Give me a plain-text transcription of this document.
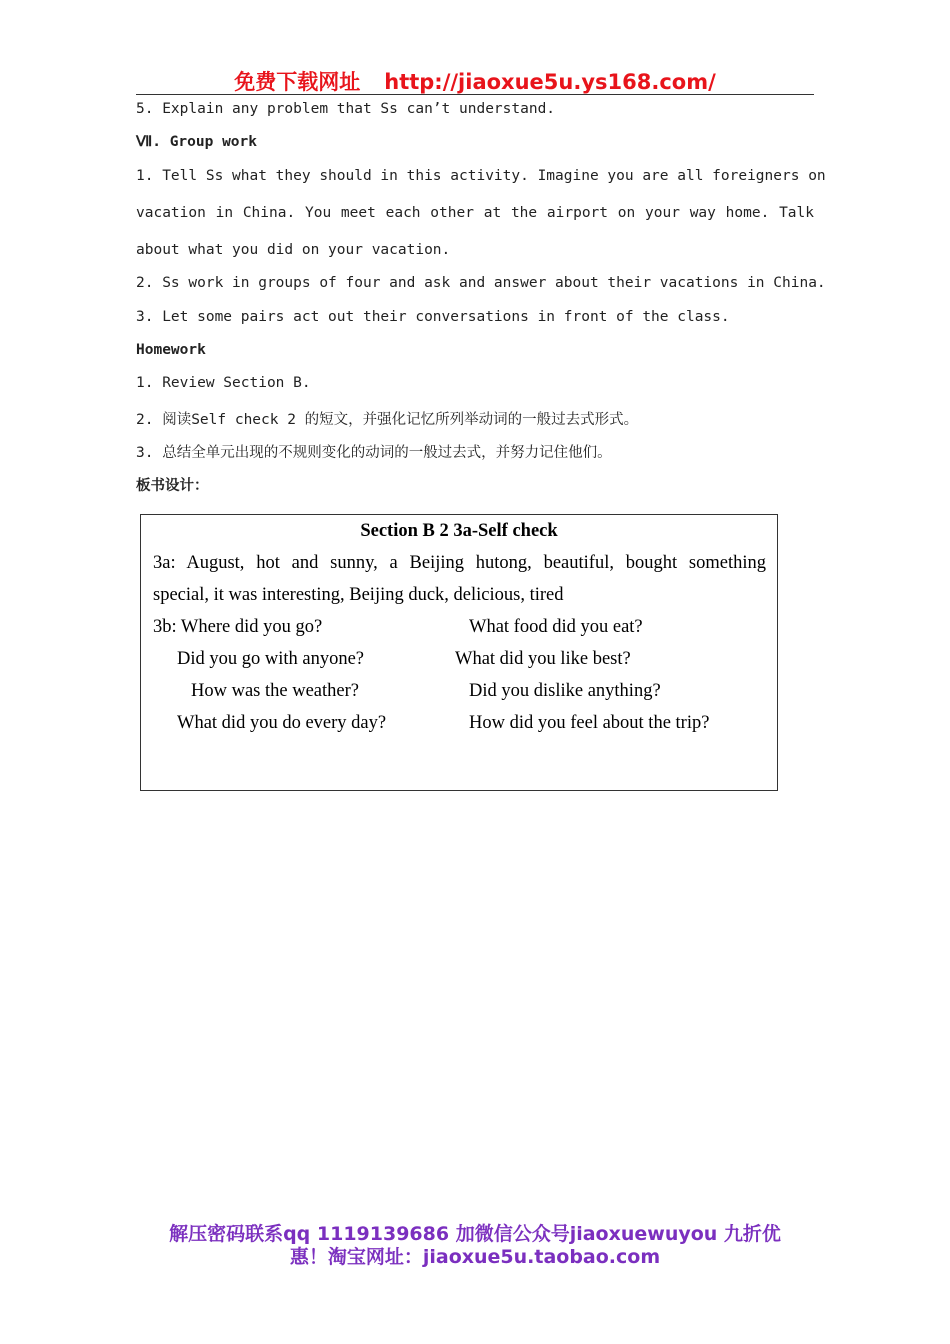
免费下载网址 http://jiaoxue5u.ys168.com/
5. Explain any problem that Ss can’t understand.
Ⅶ. Group work
1. Tell Ss what they should in this activity. Imagine you are all foreigners on
vacation in China. You meet each other at the airport on your way home. Talk
about what you did on your vacation.
2. Ss work in groups of four and ask and answer about their vacations in China.
3. Let some pairs act out their conversations in front of the class.
Homework
1. Review Section B.
2. 阅读Self check 2 的短文，并强化记忆所列举动词的一般过去式形式。
3. 总结全单元出现的不规则变化的动词的一般过去式，并努力记住他们。
板书设计：
Section B 2 3a-Self check
3a: August, hot and sunny, a Beijing hutong, beautiful, bought something
special, it was interesting, Beijing duck, delicious, tired
3b: Where did you go?	What food did you eat?
Did you go with anyone?	What did you like best?
How was the weather?	Did you dislike anything?
What did you do every day?	How did you feel about the trip?
解压密码联系qq 1119139686 加微信公众号jiaoxuewuyou 九折优
惠！淘宝网址：jiaoxue5u.taobao.com
